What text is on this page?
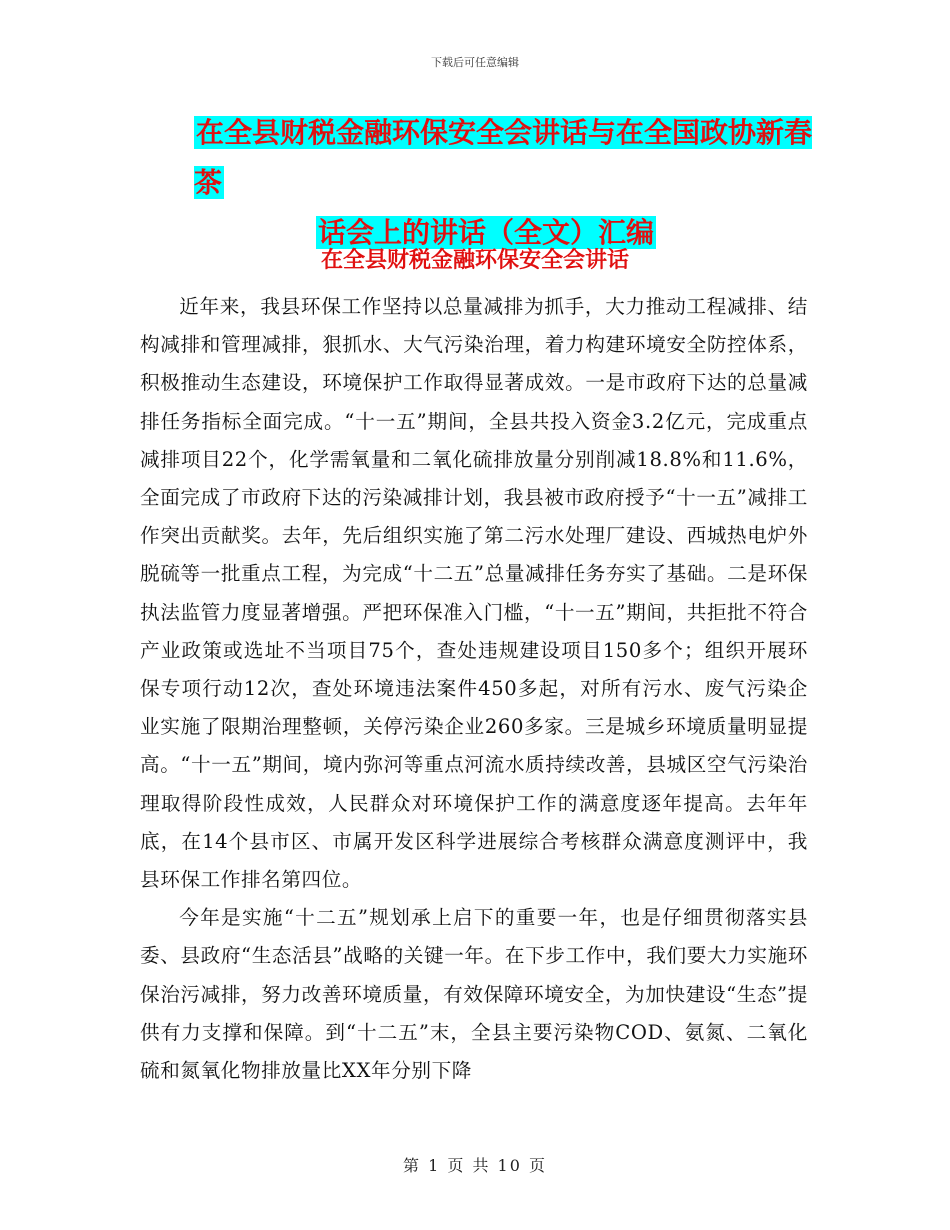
下载后可任意编辑
在全县财税金融环保安全会讲话与在全国政协新春茶
话会上的讲话（全文）汇编
在全县财税金融环保安全会讲话

近年来，我县环保工作坚持以总量减排为抓手，大力推动工程减排、结构减排和管理减排，狠抓水、大气污染治理，着力构建环境安全防控体系，积极推动生态建设，环境保护工作取得显著成效。一是市政府下达的总量减排任务指标全面完成。“十一五”期间，全县共投入资金3.2亿元，完成重点减排项目22个，化学需氧量和二氧化硫排放量分别削减18.8%和11.6%，全面完成了市政府下达的污染减排计划，我县被市政府授予“十一五”减排工作突出贡献奖。去年，先后组织实施了第二污水处理厂建设、西城热电炉外脱硫等一批重点工程，为完成“十二五”总量减排任务夯实了基础。二是环保执法监管力度显著增强。严把环保准入门槛，“十一五”期间，共拒批不符合产业政策或选址不当项目75个，查处违规建设项目150多个；组织开展环保专项行动12次，查处环境违法案件450多起，对所有污水、废气污染企业实施了限期治理整顿，关停污染企业260多家。三是城乡环境质量明显提高。“十一五”期间，境内弥河等重点河流水质持续改善，县城区空气污染治理取得阶段性成效，人民群众对环境保护工作的满意度逐年提高。去年年底，在14个县市区、市属开发区科学进展综合考核群众满意度测评中，我县环保工作排名第四位。

今年是实施“十二五”规划承上启下的重要一年，也是仔细贯彻落实县委、县政府“生态活县”战略的关键一年。在下步工作中，我们要大力实施环保治污减排，努力改善环境质量，有效保障环境安全，为加快建设“生态”提供有力支撑和保障。到“十二五”末，全县主要污染物COD、氨氮、二氧化硫和氮氧化物排放量比XX年分别下降

第 1 页 共 10 页
